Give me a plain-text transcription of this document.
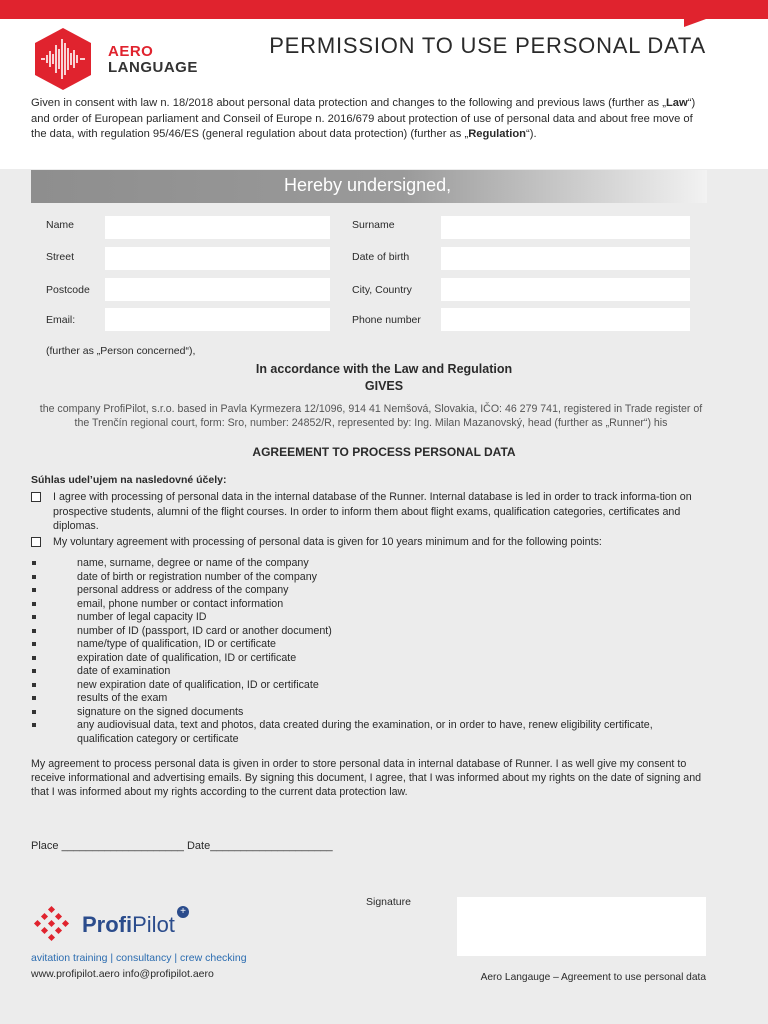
AERO
LANGUAGE
PERMISSION TO USE PERSONAL DATA
Given in consent with law n. 18/2018 about personal data protection and changes to the following and previous laws (further as „Law“) and order of European parliament and Conseil of Europe n. 2016/679 about protection of use of personal data and about free move of the data, with regulation 95/46/ES (general regulation about data protection) (further as „Regulation“).
Hereby undersigned,
Name	Surname
Street	Date of birth
Postcode	City, Country
Email:	Phone number
(further as „Person concerned“),
In accordance with the Law and Regulation
GIVES
the company ProfiPilot, s.r.o. based in Pavla Kyrmezera 12/1096, 914 41 Nemšová, Slovakia, IČO: 46 279 741, registered in Trade register of the Trenčín regional court, form: Sro, number: 24852/R, represented by: Ing. Milan Mazanovský, head (further as „Runner“) his
AGREEMENT TO PROCESS PERSONAL DATA
Súhlas udel’ujem na nasledovné účely:
I agree with processing of personal data in the internal database of the Runner. Internal database is led in order to track informa-tion on prospective students, alumni of the flight courses. In order to inform them about flight exams, qualification categories, certificates and diplomas.
My voluntary agreement with processing of personal data is given for 10 years minimum and for the following points:
name, surname, degree or name of the company
date of birth or registration number of the company
personal address or address of the company
email, phone number or contact information
number of legal capacity ID
number of ID (passport, ID card or another document)
name/type of qualification, ID or certificate
expiration date of qualification, ID or certificate
date of examination
new expiration date of qualification, ID or certificate
results of the exam
signature on the signed documents
any audiovisual data, text and photos, data created during the examination, or in order to have, renew eligibility certificate,
qualification category or certificate
My agreement to process personal data is given in order to store personal data in internal database of Runner. I as well give my consent to receive informational and advertising emails. By signing this document, I agree, that I was informed about my rights on the date of signing and that I was informed about my rights according to the current data protection law.
Place ____________________ Date____________________
ProfiPilot
+
avitation training | consultancy | crew checking
www.profipilot.aero info@profipilot.aero
Signature
Aero Langauge – Agreement to use personal data
